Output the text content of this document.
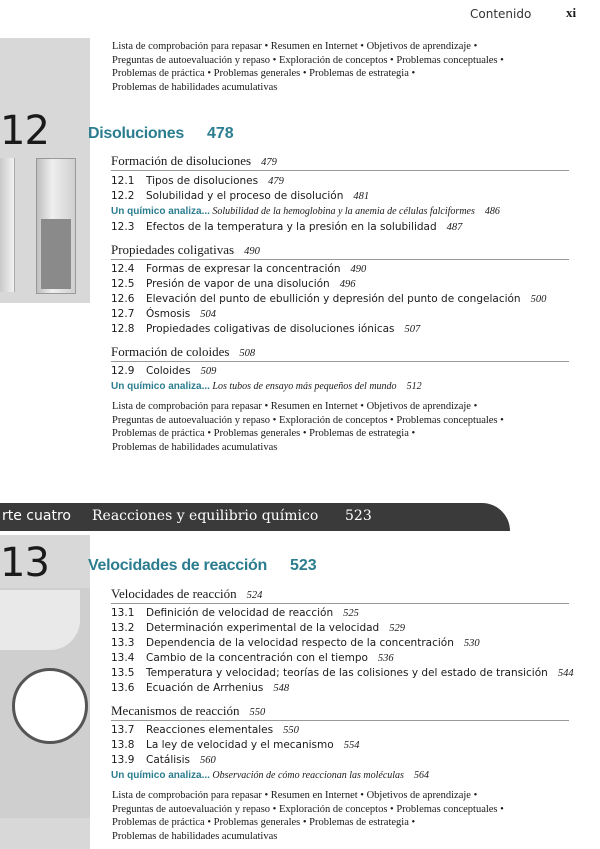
Contenido	xi
Lista de comprobación para repasar • Resumen en Internet • Objetivos de aprendizaje •
Preguntas de autoevaluación y repaso • Exploración de conceptos • Problemas conceptuales •
Problemas de práctica • Problemas generales • Problemas de estrategia •
Problemas de habilidades acumulativas
12 Disoluciones 478
Formación de disoluciones 479
12.1 Tipos de disoluciones 479
12.2 Solubilidad y el proceso de disolución 481
Un químico analiza... Solubilidad de la hemoglobina y la anemia de células falciformes 486
12.3 Efectos de la temperatura y la presión en la solubilidad 487
Propiedades coligativas 490
12.4 Formas de expresar la concentración 490
12.5 Presión de vapor de una disolución 496
12.6 Elevación del punto de ebullición y depresión del punto de congelación 500
12.7 Ósmosis 504
12.8 Propiedades coligativas de disoluciones iónicas 507
Formación de coloides 508
12.9 Coloides 509
Un químico analiza... Los tubos de ensayo más pequeños del mundo 512
Lista de comprobación para repasar • Resumen en Internet • Objetivos de aprendizaje •
Preguntas de autoevaluación y repaso • Exploración de conceptos • Problemas conceptuales •
Problemas de práctica • Problemas generales • Problemas de estrategia •
Problemas de habilidades acumulativas
rte cuatro Reacciones y equilibrio químico 523
13 Velocidades de reacción 523
Velocidades de reacción 524
13.1 Definición de velocidad de reacción 525
13.2 Determinación experimental de la velocidad 529
13.3 Dependencia de la velocidad respecto de la concentración 530
13.4 Cambio de la concentración con el tiempo 536
13.5 Temperatura y velocidad; teorías de las colisiones y del estado de transición 544
13.6 Ecuación de Arrhenius 548
Mecanismos de reacción 550
13.7 Reacciones elementales 550
13.8 La ley de velocidad y el mecanismo 554
13.9 Catálisis 560
Un químico analiza... Observación de cómo reaccionan las moléculas 564
Lista de comprobación para repasar • Resumen en Internet • Objetivos de aprendizaje •
Preguntas de autoevaluación y repaso • Exploración de conceptos • Problemas conceptuales •
Problemas de práctica • Problemas generales • Problemas de estrategia •
Problemas de habilidades acumulativas
